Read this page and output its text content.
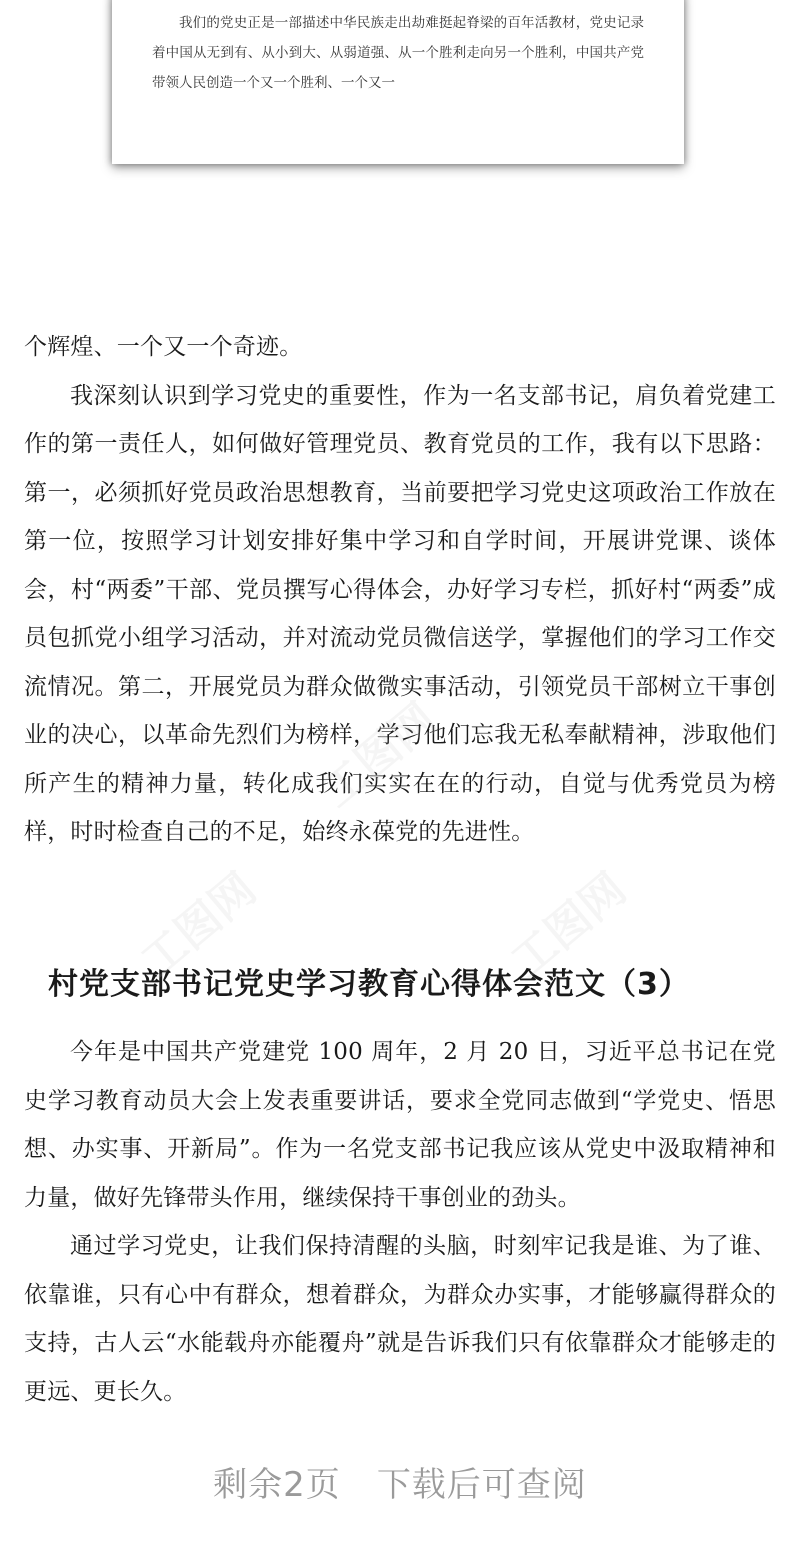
我们的党史正是一部描述中华民族走出劫难挺起脊梁的百年活教材，党史记录着中国从无到有、从小到大、从弱道强、从一个胜利走向另一个胜利，中国共产党带领人民创造一个又一个胜利、一个又一

个辉煌、一个又一个奇迹。

我深刻认识到学习党史的重要性，作为一名支部书记，肩负着党建工作的第一责任人，如何做好管理党员、教育党员的工作，我有以下思路：第一，必须抓好党员政治思想教育，当前要把学习党史这项政治工作放在第一位，按照学习计划安排好集中学习和自学时间，开展讲党课、谈体会，村“两委”干部、党员撰写心得体会，办好学习专栏，抓好村“两委”成员包抓党小组学习活动，并对流动党员微信送学，掌握他们的学习工作交流情况。第二，开展党员为群众做微实事活动，引领党员干部树立干事创业的决心，以革命先烈们为榜样，学习他们忘我无私奉献精神，涉取他们所产生的精神力量，转化成我们实实在在的行动，自觉与优秀党员为榜样，时时检查自己的不足，始终永葆党的先进性。

村党支部书记党史学习教育心得体会范文（3）

今年是中国共产党建党 100 周年，2 月 20 日，习近平总书记在党史学习教育动员大会上发表重要讲话，要求全党同志做到“学党史、悟思想、办实事、开新局”。作为一名党支部书记我应该从党史中汲取精神和力量，做好先锋带头作用，继续保持干事创业的劲头。

通过学习党史，让我们保持清醒的头脑，时刻牢记我是谁、为了谁、依靠谁，只有心中有群众，想着群众，为群众办实事，才能够赢得群众的支持，古人云“水能载舟亦能覆舟”就是告诉我们只有依靠群众才能够走的更远、更长久。

工图网
工图网	工图网
剩余2页 下载后可查阅
